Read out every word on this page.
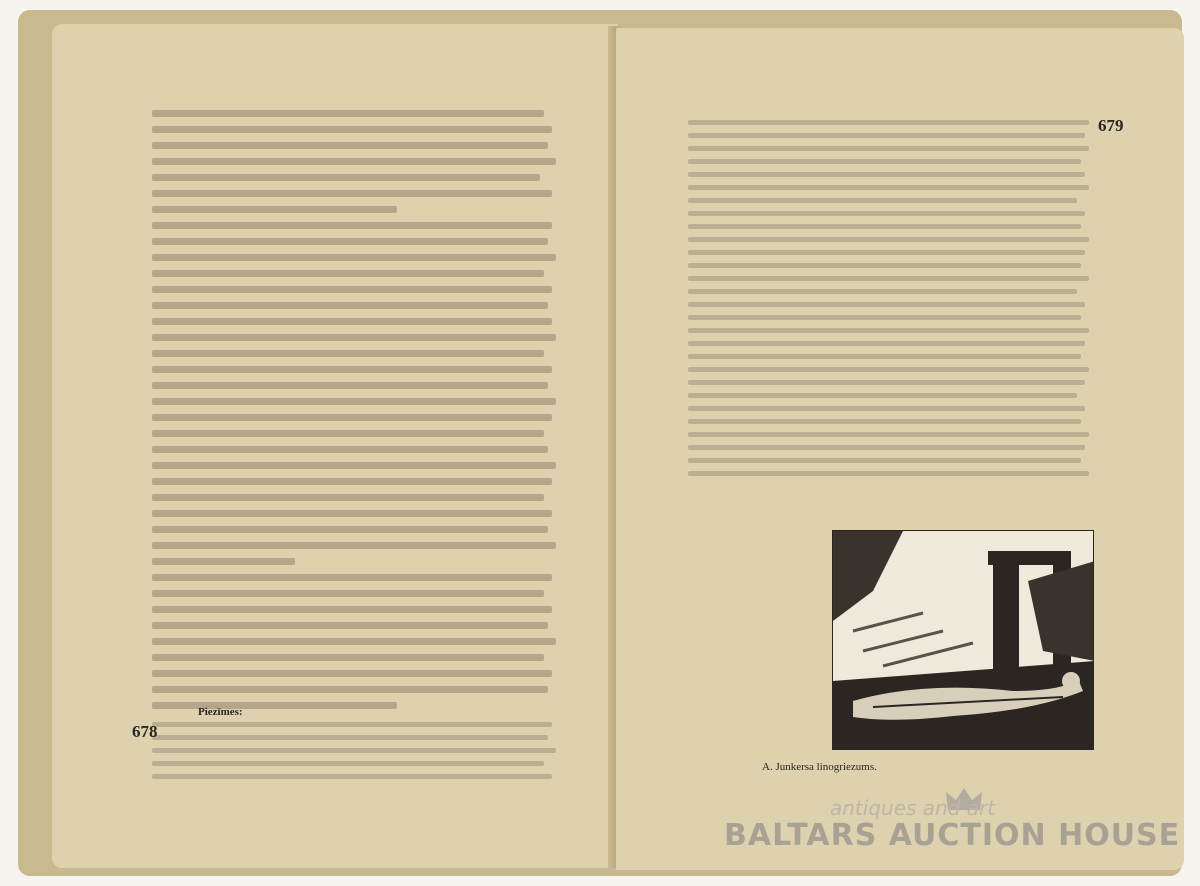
Piezīmes:
678
679
A. Junkersa linogriezums.
antiques and art
BALTARS AUCTION HOUSE
